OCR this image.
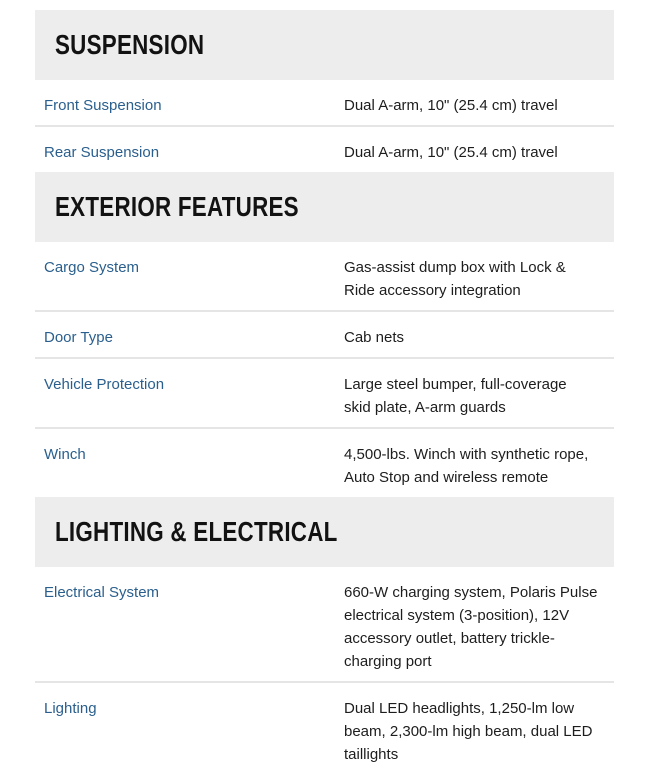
SUSPENSION
Front Suspension	Dual A-arm, 10" (25.4 cm) travel
Rear Suspension	Dual A-arm, 10" (25.4 cm) travel
EXTERIOR FEATURES
Cargo System	Gas-assist dump box with Lock &
Ride accessory integration
Door Type	Cab nets
Vehicle Protection	Large steel bumper, full-coverage
skid plate, A-arm guards
Winch	4,500-lbs. Winch with synthetic rope,
Auto Stop and wireless remote
LIGHTING & ELECTRICAL
Electrical System	660-W charging system, Polaris Pulse
electrical system (3-position), 12V
accessory outlet, battery trickle-
charging port
Lighting	Dual LED headlights, 1,250-lm low
beam, 2,300-lm high beam, dual LED
taillights
